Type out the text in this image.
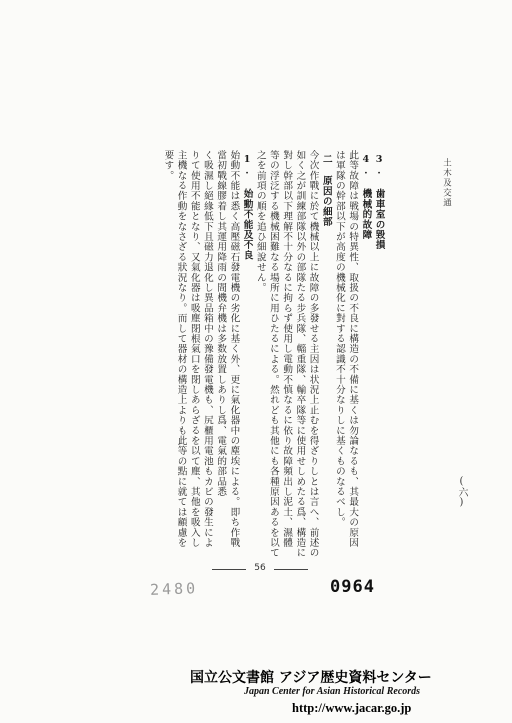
土木及交通
3. 歯車室の毀損
4. 機械的故障
此等故障は戦場の特異性、取扱の不良に構造の不備に基くは勿論なるも、其最大の原因
は軍隊の幹部以下が高度の機械化に對する認識不十分なりしに基くものなるべし。
二 原因の細部
今次作戰に於て機械以上に故障の多發せる主因は状況上止むを得ざりしとは言へ、前述の
如く之が訓練部隊以外の部隊たる步兵隊、輜重隊、輸卒隊等に使用せしめたる爲、構造に
對し幹部以下理解不十分なるに拘らず使用し電動不慎なるに依り故障頻出し泥土、濕體
等の浮泛する機械困難なる場所に用ひたるによる。然れども其他にも各種原因あるを以て
之を前項の順を追ひ細說せん。
1. 始動不能及不良
始動不能は悉く高壓磁石發電機の劣化に基く外、更に氣化器中の塵埃による。即ち作戰
當初戰線膠着し其運用降雨の間機弁機は多数放置しありし爲、電氣的部品悉
く吸濕し絕緣低下且磁力退化し異品箱中の豫備發電機も、尻櫃用電池もカビの發生によ
りて使用不能となり、又氣化器は吸塵閉根氣口を閉しあらざるを以て塵、其他を吸入し
主機なる作動をなさざる狀況なり。而して器材の構造上よりも此等の點に就ては顧慮を
要す。
(六)
56
2480	0964
国立公文書館 アジア歴史資料センター
Japan Center for Asian Historical Records
http://www.jacar.go.jp
